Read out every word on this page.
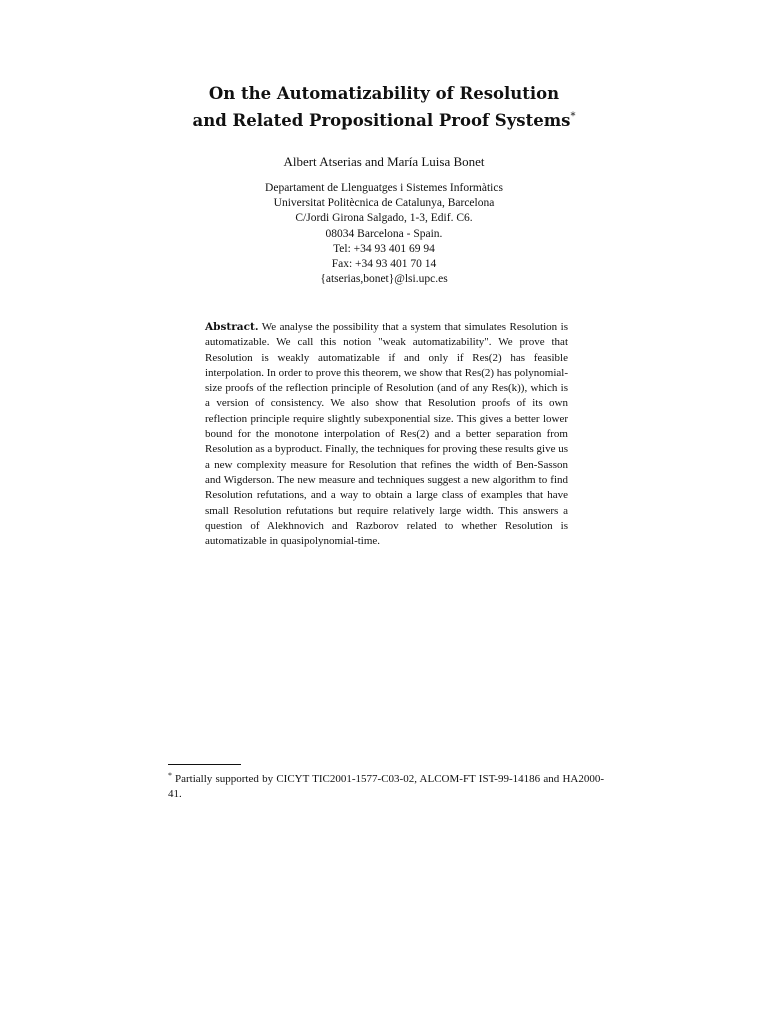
On the Automatizability of Resolution
and Related Propositional Proof Systems*
Albert Atserias and María Luisa Bonet
Departament de Llenguatges i Sistemes Informàtics
Universitat Politècnica de Catalunya, Barcelona
C/Jordi Girona Salgado, 1-3, Edif. C6.
08034 Barcelona - Spain.
Tel: +34 93 401 69 94
Fax: +34 93 401 70 14
{atserias,bonet}@lsi.upc.es
Abstract. We analyse the possibility that a system that simulates Resolution is automatizable. We call this notion "weak automatizability". We prove that Resolution is weakly automatizable if and only if Res(2) has feasible interpolation. In order to prove this theorem, we show that Res(2) has polynomial-size proofs of the reflection principle of Resolution (and of any Res(k)), which is a version of consistency. We also show that Resolution proofs of its own reflection principle require slightly subexponential size. This gives a better lower bound for the monotone interpolation of Res(2) and a better separation from Resolution as a byproduct. Finally, the techniques for proving these results give us a new complexity measure for Resolution that refines the width of Ben-Sasson and Wigderson. The new measure and techniques suggest a new algorithm to find Resolution refutations, and a way to obtain a large class of examples that have small Resolution refutations but require relatively large width. This answers a question of Alekhnovich and Razborov related to whether Resolution is automatizable in quasipolynomial-time.
* Partially supported by CICYT TIC2001-1577-C03-02, ALCOM-FT IST-99-14186 and HA2000-41.
